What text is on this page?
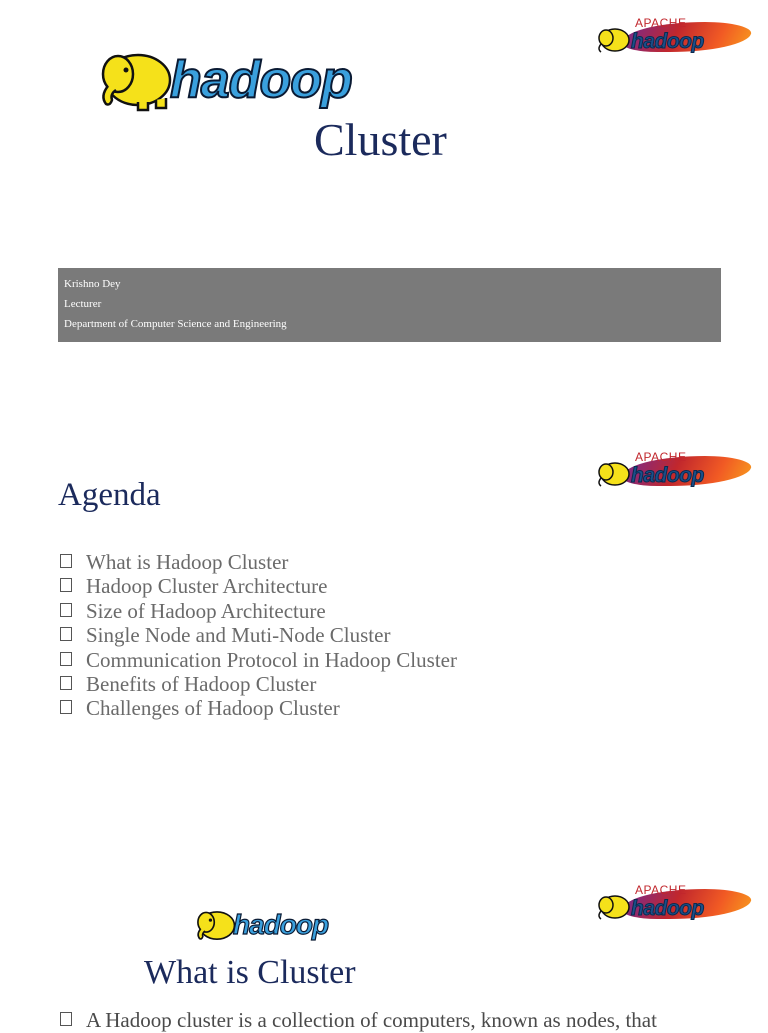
hadoop
APACHE
hadoop
Cluster
Krishno Dey
Lecturer
Department of Computer Science and Engineering
APACHE
hadoop
Agenda
What is Hadoop Cluster
Hadoop Cluster Architecture
Size of Hadoop Architecture
Single Node and Muti-Node Cluster
Communication Protocol in Hadoop Cluster
Benefits of Hadoop Cluster
Challenges of Hadoop Cluster
APACHE
hadoop
hadoop
What is Cluster
A Hadoop cluster is a collection of computers, known as nodes, that
